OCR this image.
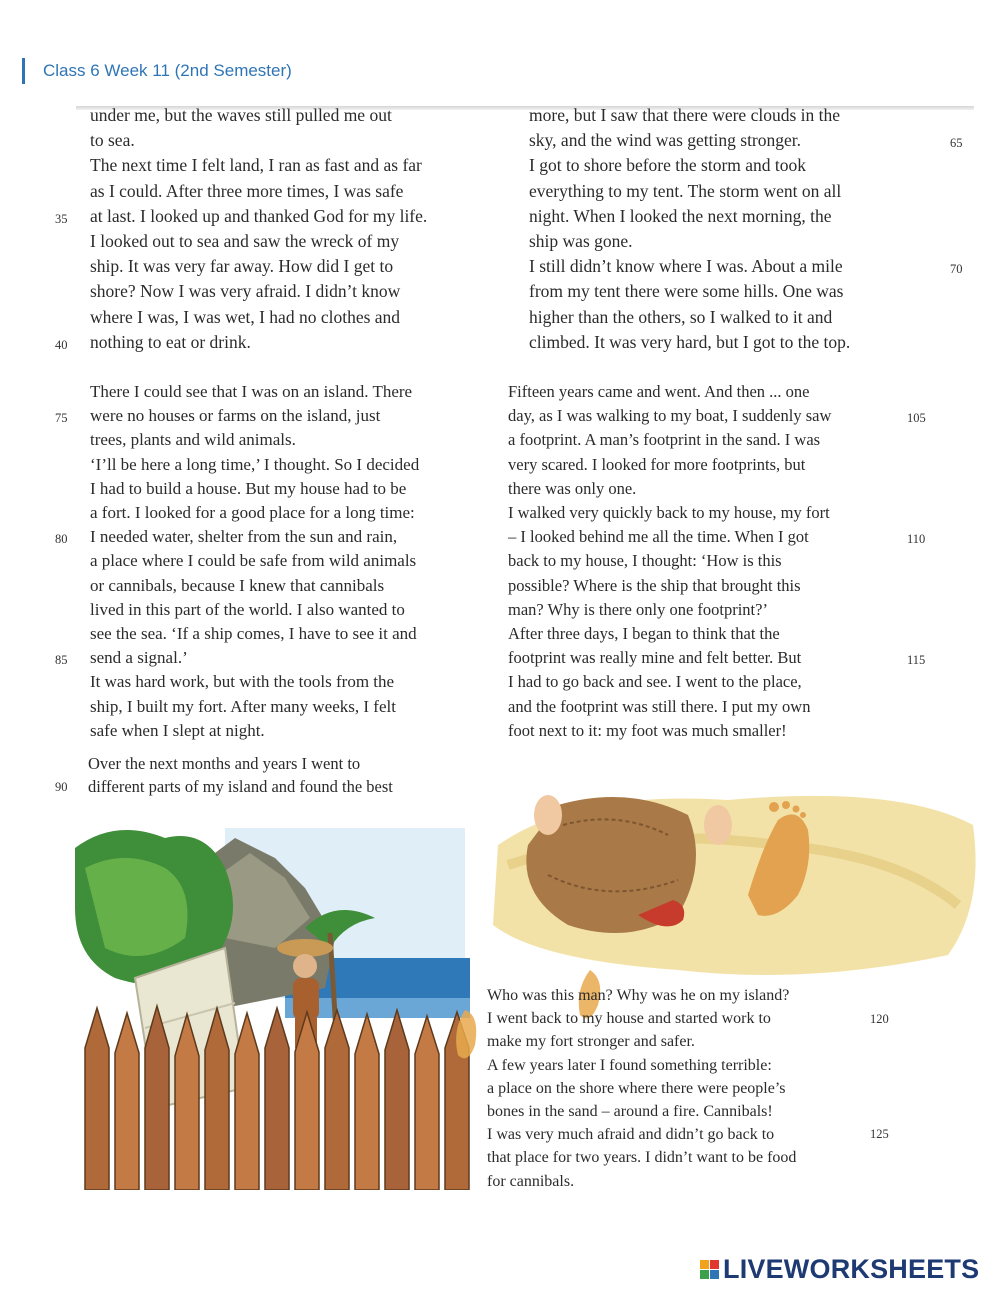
Class 6 Week 11 (2nd Semester)
under me, but the waves still pulled me out
to sea.
The next time I felt land, I ran as fast and as far
as I could. After three more times, I was safe
at last. I looked up and thanked God for my life.
I looked out to sea and saw the wreck of my
ship. It was very far away. How did I get to
shore? Now I was very afraid. I didn’t know
where I was, I was wet, I had no clothes and
nothing to eat or drink.
35
40
more, but I saw that there were clouds in the
sky, and the wind was getting stronger.
I got to shore before the storm and took
everything to my tent. The storm went on all
night. When I looked the next morning, the
ship was gone.
I still didn’t know where I was. About a mile
from my tent there were some hills. One was
higher than the others, so I walked to it and
climbed. It was very hard, but I got to the top.
65
70
There I could see that I was on an island. There
were no houses or farms on the island, just
trees, plants and wild animals.
‘I’ll be here a long time,’ I thought. So I decided
I had to build a house. But my house had to be
a fort. I looked for a good place for a long time:
I needed water, shelter from the sun and rain,
a place where I could be safe from wild animals
or cannibals, because I knew that cannibals
lived in this part of the world. I also wanted to
see the sea. ‘If a ship comes, I have to see it and
send a signal.’
It was hard work, but with the tools from the
ship, I built my fort. After many weeks, I felt
safe when I slept at night.
75
80
85
Over the next months and years I went to
different parts of my island and found the best
90
Fifteen years came and went. And then ... one
day, as I was walking to my boat, I suddenly saw
a footprint. A man’s footprint in the sand. I was
very scared. I looked for more footprints, but
there was only one.
I walked very quickly back to my house, my fort
– I looked behind me all the time. When I got
back to my house, I thought: ‘How is this
possible? Where is the ship that brought this
man? Why is there only one footprint?’
After three days, I began to think that the
footprint was really mine and felt better. But
I had to go back and see. I went to the place,
and the footprint was still there. I put my own
foot next to it: my foot was much smaller!
105
110
115
Who was this man? Why was he on my island?
I went back to my house and started work to
make my fort stronger and safer.
A few years later I found something terrible:
a place on the shore where there were people’s
bones in the sand – around a fire. Cannibals!
I was very much afraid and didn’t go back to
that place for two years. I didn’t want to be food
for cannibals.
120
125
LIVEWORKSHEETS
